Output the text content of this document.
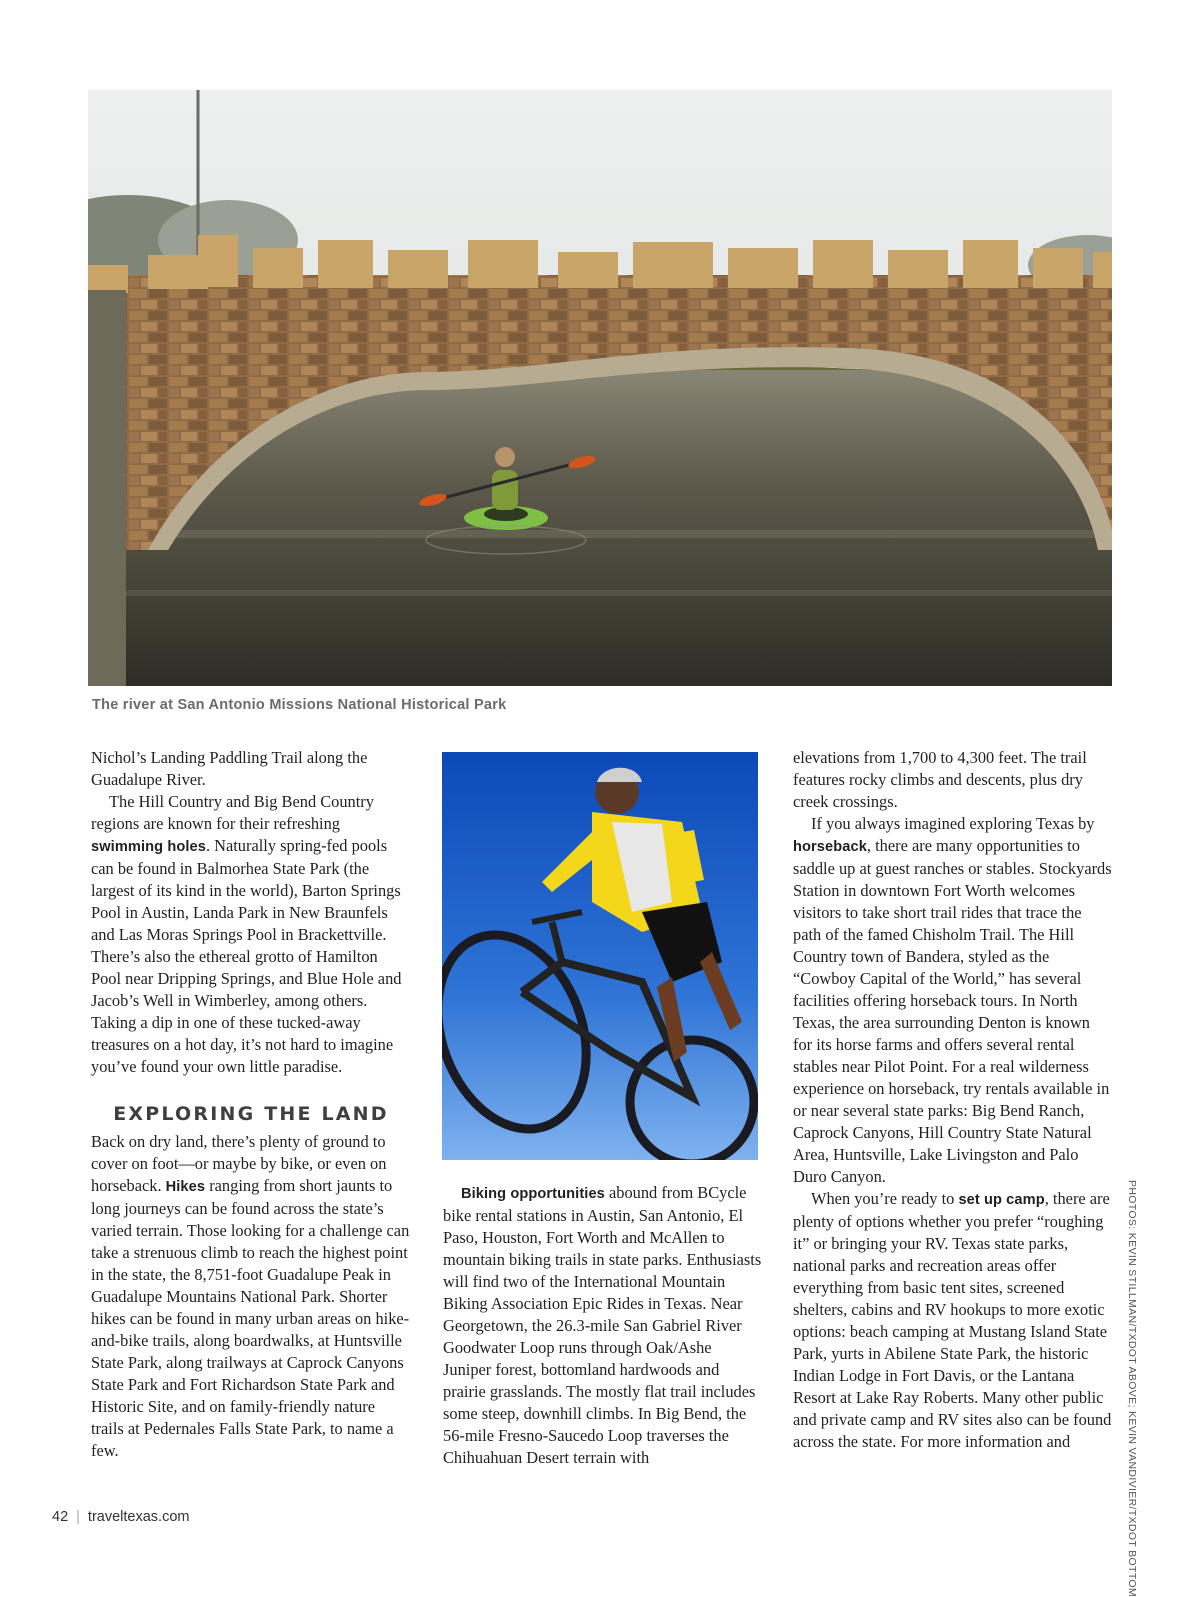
The river at San Antonio Missions National Historical Park

Nichol’s Landing Paddling Trail along the Guadalupe River.

The Hill Country and Big Bend Country regions are known for their refreshing swimming holes. Naturally spring-fed pools can be found in Balmorhea State Park (the largest of its kind in the world), Barton Springs Pool in Austin, Landa Park in New Braunfels and Las Moras Springs Pool in Brackettville. There’s also the ethereal grotto of Hamilton Pool near Dripping Springs, and Blue Hole and Jacob’s Well in Wimberley, among others. Taking a dip in one of these tucked-away treasures on a hot day, it’s not hard to imagine you’ve found your own little paradise.

EXPLORING THE LAND

Back on dry land, there’s plenty of ground to cover on foot—or maybe by bike, or even on horseback. Hikes ranging from short jaunts to long journeys can be found across the state’s varied terrain. Those looking for a challenge can take a strenuous climb to reach the highest point in the state, the 8,751-foot Guadalupe Peak in Guadalupe Mountains National Park. Shorter hikes can be found in many urban areas on hike-and-bike trails, along boardwalks, at Huntsville State Park, along trailways at Caprock Canyons State Park and Fort Richardson State Park and Historic Site, and on family-friendly nature trails at Pedernales Falls State Park, to name a few.

Biking opportunities abound from BCycle bike rental stations in Austin, San Antonio, El Paso, Houston, Fort Worth and McAllen to mountain biking trails in state parks. Enthusiasts will find two of the International Mountain Biking Association Epic Rides in Texas. Near Georgetown, the 26.3-mile San Gabriel River Goodwater Loop runs through Oak/Ashe Juniper forest, bottomland hardwoods and prairie grasslands. The mostly flat trail includes some steep, downhill climbs. In Big Bend, the 56-mile Fresno-Saucedo Loop traverses the Chihuahuan Desert terrain with

elevations from 1,700 to 4,300 feet. The trail features rocky climbs and descents, plus dry creek crossings.

If you always imagined exploring Texas by horseback, there are many opportunities to saddle up at guest ranches or stables. Stockyards Station in downtown Fort Worth welcomes visitors to take short trail rides that trace the path of the famed Chisholm Trail. The Hill Country town of Bandera, styled as the “Cowboy Capital of the World,” has several facilities offering horseback tours. In North Texas, the area surrounding Denton is known for its horse farms and offers several rental stables near Pilot Point. For a real wilderness experience on horseback, try rentals available in or near several state parks: Big Bend Ranch, Caprock Canyons, Hill Country State Natural Area, Huntsville, Lake Livingston and Palo Duro Canyon.

When you’re ready to set up camp, there are plenty of options whether you prefer “roughing it” or bringing your RV. Texas state parks, national parks and recreation areas offer everything from basic tent sites, screened shelters, cabins and RV hookups to more exotic options: beach camping at Mustang Island State Park, yurts in Abilene State Park, the historic Indian Lodge in Fort Davis, or the Lantana Resort at Lake Ray Roberts. Many other public and private camp and RV sites also can be found across the state. For more information and	PHOTOS: KEVIN STILLMAN/TXDOT ABOVE; KEVIN VANDIVIER/TXDOT BOTTOM
42 | traveltexas.com
